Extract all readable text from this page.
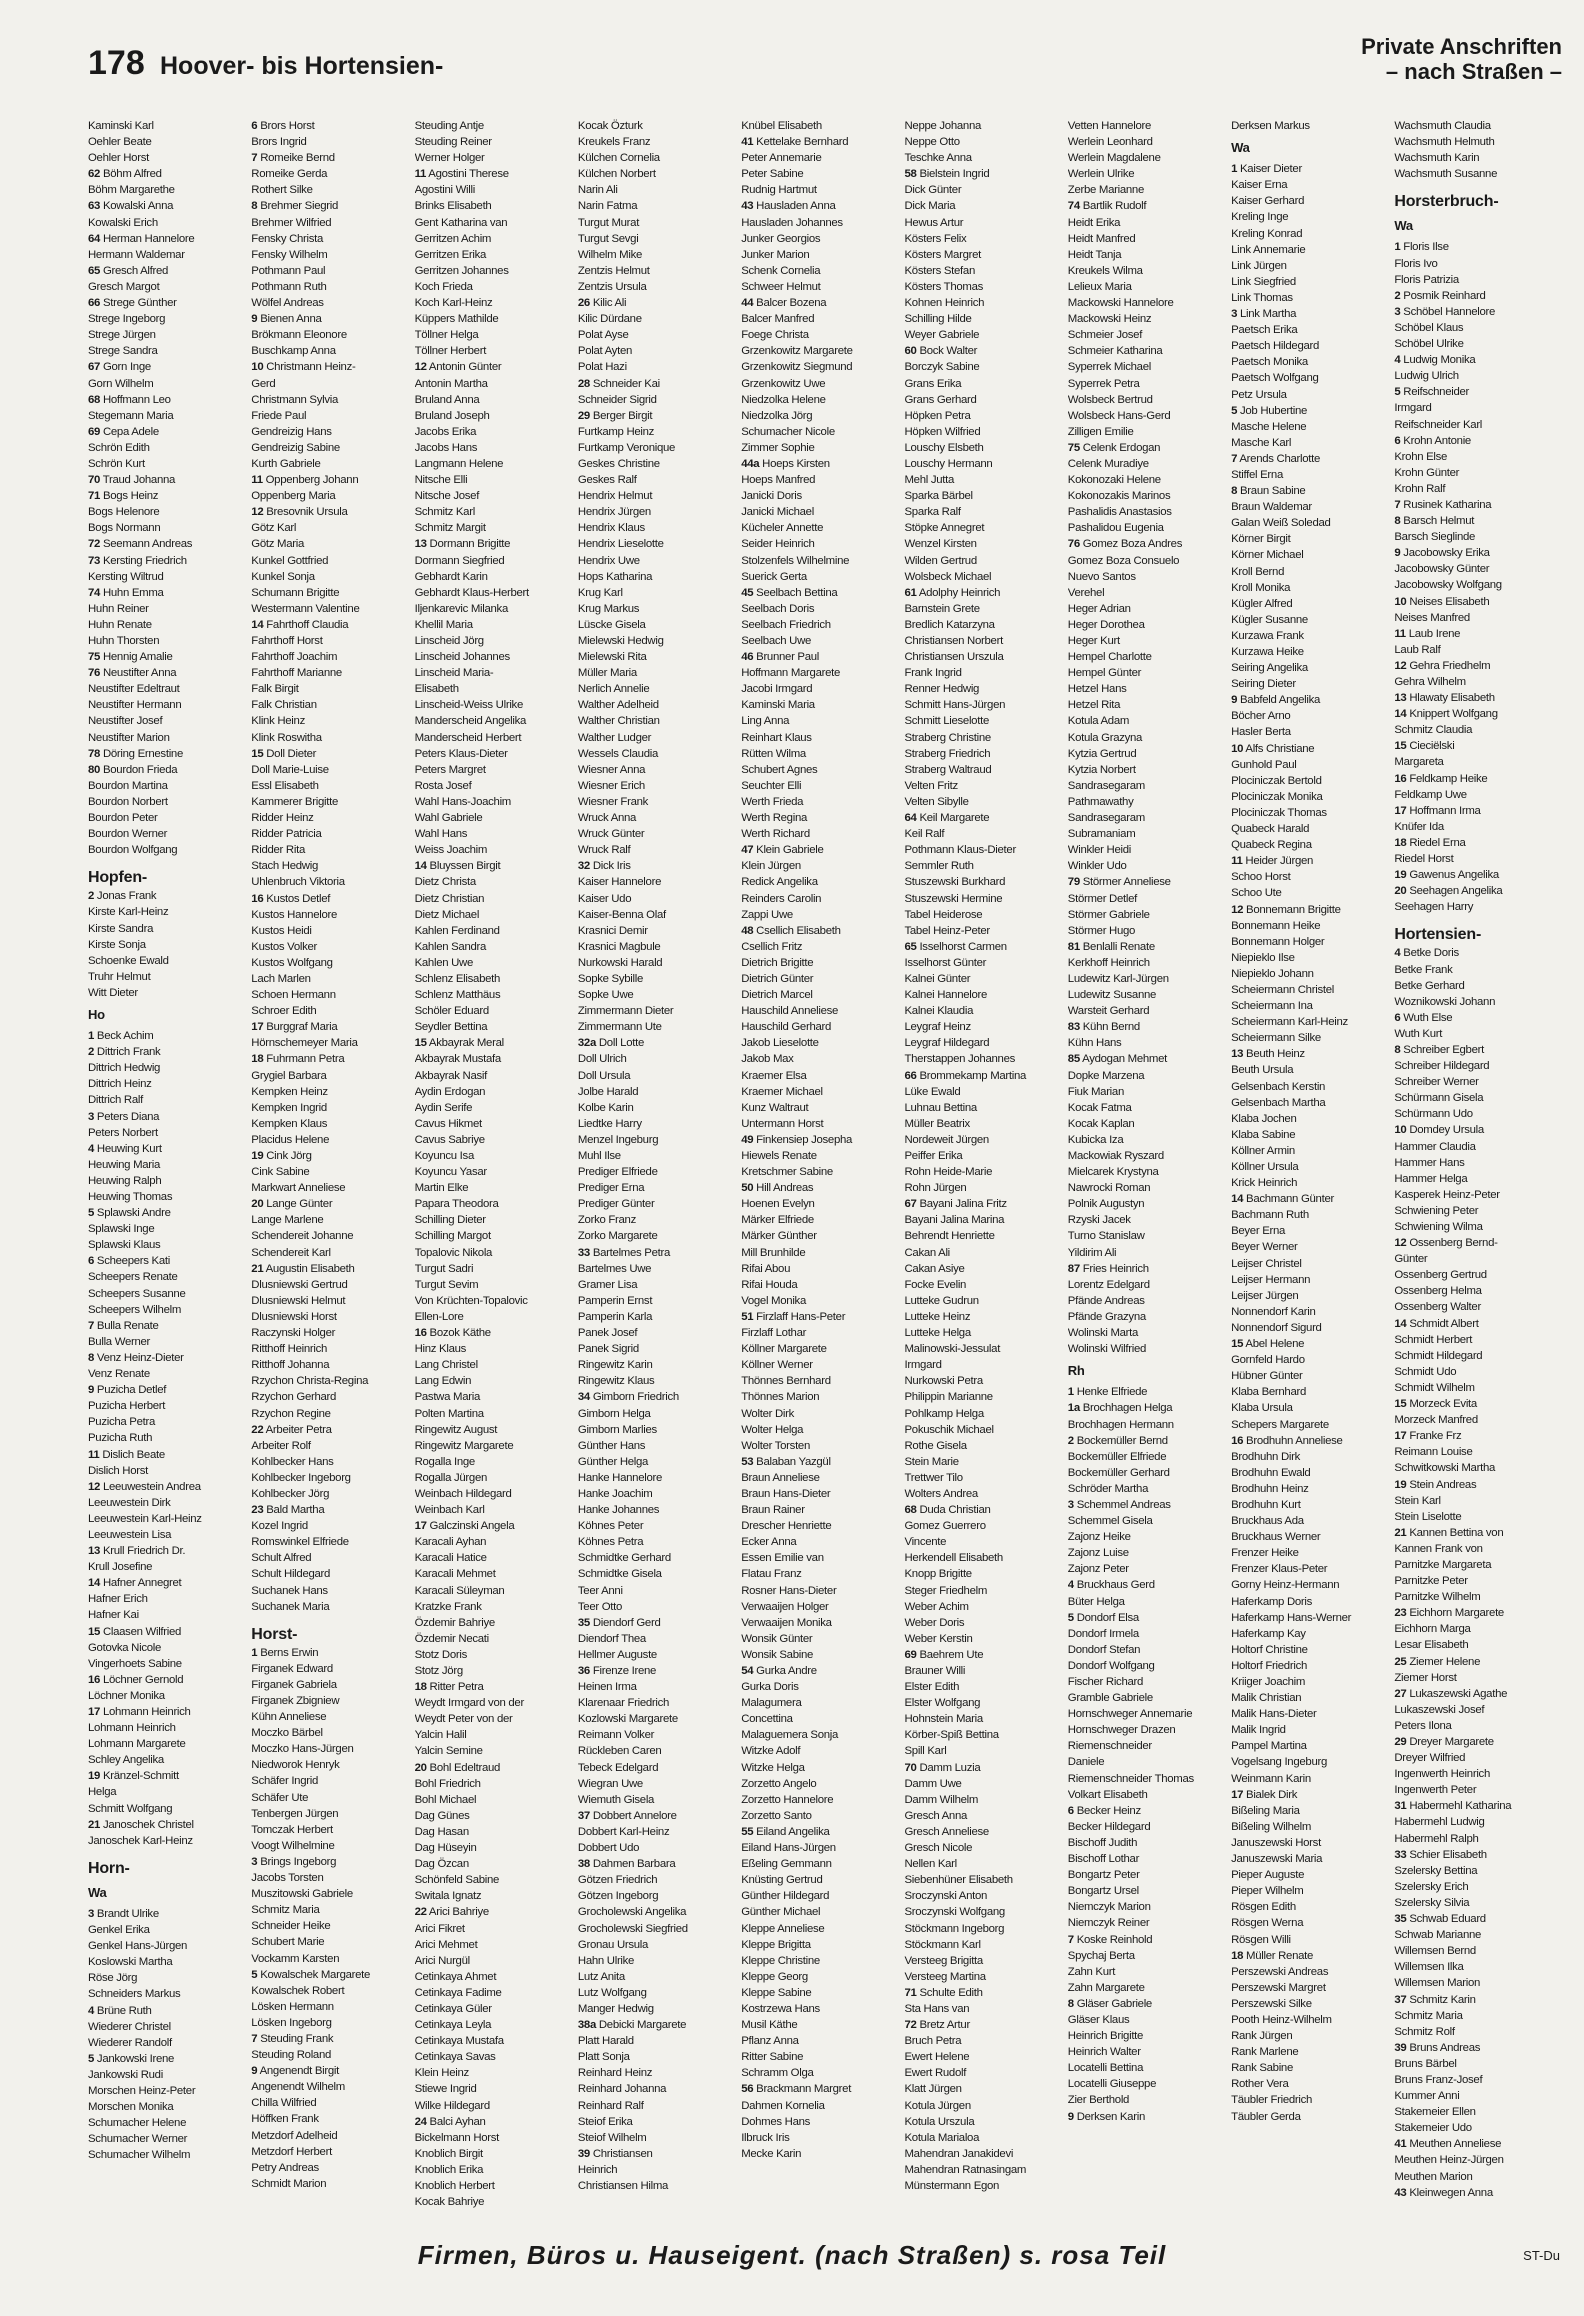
178 Hoover- bis Hortensien-
Private Anschriften
– nach Straßen –
Kaminski Karl
Oehler Beate
Oehler Horst
62 Böhm Alfred
Böhm Margarethe
63 Kowalski Anna
Kowalski Erich
64 Herman Hannelore
Hermann Waldemar
65 Gresch Alfred
Gresch Margot
66 Strege Günther
Strege Ingeborg
Strege Jürgen
Strege Sandra
67 Gorn Inge
Gorn Wilhelm
68 Hoffmann Leo
Stegemann Maria
69 Cepa Adele
Schrön Edith
Schrön Kurt
70 Traud Johanna
71 Bogs Heinz
Bogs Helenore
Bogs Normann
72 Seemann Andreas
73 Kersting Friedrich
Kersting Wiltrud
74 Huhn Emma
Huhn Reiner
Huhn Renate
Huhn Thorsten
75 Hennig Amalie
76 Neustifter Anna
Neustifter Edeltraut
Neustifter Hermann
Neustifter Josef
Neustifter Marion
78 Döring Ernestine
80 Bourdon Frieda
Bourdon Martina
Bourdon Norbert
Bourdon Peter
Bourdon Werner
Bourdon Wolfgang
Hopfen-
2 Jonas Frank
Kirste Karl-Heinz
Kirste Sandra
Kirste Sonja
Schoenke Ewald
Truhr Helmut
Witt Dieter
Ho
1 Beck Achim
2 Dittrich Frank
Dittrich Hedwig
Dittrich Heinz
Dittrich Ralf
3 Peters Diana
Peters Norbert
4 Heuwing Kurt
Heuwing Maria
Heuwing Ralph
Heuwing Thomas
5 Splawski Andre
Splawski Inge
Splawski Klaus
6 Scheepers Kati
Scheepers Renate
Scheepers Susanne
Scheepers Wilhelm
7 Bulla Renate
Bulla Werner
8 Venz Heinz-Dieter
Venz Renate
9 Puzicha Detlef
Puzicha Herbert
Puzicha Petra
Puzicha Ruth
11 Dislich Beate
Dislich Horst
12 Leeuwestein Andrea
Leeuwestein Dirk
Leeuwestein Karl-Heinz
Leeuwestein Lisa
13 Krull Friedrich Dr.
Krull Josefine
14 Hafner Annegret
Hafner Erich
Hafner Kai
15 Claasen Wilfried
Gotovka Nicole
Vingerhoets Sabine
16 Löchner Gernold
Löchner Monika
17 Lohmann Heinrich
Lohmann Heinrich
Lohmann Margarete
Schley Angelika
19 Kränzel-Schmitt
Helga
Schmitt Wolfgang
21 Janoschek Christel
Janoschek Karl-Heinz
Horn-
Wa
3 Brandt Ulrike
Genkel Erika
Genkel Hans-Jürgen
Koslowski Martha
Röse Jörg
Schneiders Markus
4 Brüne Ruth
Wiederer Christel
Wiederer Randolf
5 Jankowski Irene
Jankowski Rudi
Morschen Heinz-Peter
Morschen Monika
Schumacher Helene
Schumacher Werner
Schumacher Wilhelm
6 Brors Horst
Brors Ingrid
7 Romeike Bernd
Romeike Gerda
Rothert Silke
8 Brehmer Siegrid
Brehmer Wilfried
Fensky Christa
Fensky Wilhelm
Pothmann Paul
Pothmann Ruth
Wölfel Andreas
9 Bienen Anna
Brökmann Eleonore
Buschkamp Anna
10 Christmann Heinz-
Gerd
Christmann Sylvia
Friede Paul
Gendreizig Hans
Gendreizig Sabine
Kurth Gabriele
11 Oppenberg Johann
Oppenberg Maria
12 Bresovnik Ursula
Götz Karl
Götz Maria
Kunkel Gottfried
Kunkel Sonja
Schumann Brigitte
Westermann Valentine
14 Fahrthoff Claudia
Fahrthoff Horst
Fahrthoff Joachim
Fahrthoff Marianne
Falk Birgit
Falk Christian
Klink Heinz
Klink Roswitha
15 Doll Dieter
Doll Marie-Luise
Essl Elisabeth
Kammerer Brigitte
Ridder Heinz
Ridder Patricia
Ridder Rita
Stach Hedwig
Uhlenbruch Viktoria
16 Kustos Detlef
Kustos Hannelore
Kustos Heidi
Kustos Volker
Kustos Wolfgang
Lach Marlen
Schoen Hermann
Schroer Edith
17 Burggraf Maria
Hörnschemeyer Maria
18 Fuhrmann Petra
Grygiel Barbara
Kempken Heinz
Kempken Ingrid
Kempken Klaus
Placidus Helene
19 Cink Jörg
Cink Sabine
Markwart Anneliese
20 Lange Günter
Lange Marlene
Schendereit Johanne
Schendereit Karl
21 Augustin Elisabeth
Dlusniewski Gertrud
Dlusniewski Helmut
Dlusniewski Horst
Raczynski Holger
Ritthoff Heinrich
Ritthoff Johanna
Rzychon Christa-Regina
Rzychon Gerhard
Rzychon Regine
22 Arbeiter Petra
Arbeiter Rolf
Kohlbecker Hans
Kohlbecker Ingeborg
Kohlbecker Jörg
23 Bald Martha
Kozel Ingrid
Romswinkel Elfriede
Schult Alfred
Schult Hildegard
Suchanek Hans
Suchanek Maria
Horst-
1 Berns Erwin
Firganek Edward
Firganek Gabriela
Firganek Zbigniew
Kühn Anneliese
Moczko Bärbel
Moczko Hans-Jürgen
Niedworok Henryk
Schäfer Ingrid
Schäfer Ute
Tenbergen Jürgen
Tomczak Herbert
Voogt Wilhelmine
3 Brings Ingeborg
Jacobs Torsten
Muszitowski Gabriele
Schmitz Maria
Schneider Heike
Schubert Marie
Vockamm Karsten
5 Kowalschek Margarete
Kowalschek Robert
Lösken Hermann
Lösken Ingeborg
7 Steuding Frank
Steuding Roland
9 Angenendt Birgit
Angenendt Wilhelm
Chilla Wilfried
Höffken Frank
Metzdorf Adelheid
Metzdorf Herbert
Petry Andreas
Schmidt Marion
Steuding Antje
Steuding Reiner
Werner Holger
11 Agostini Therese
Agostini Willi
Brinks Elisabeth
Gent Katharina van
Gerritzen Achim
Gerritzen Erika
Gerritzen Johannes
Koch Frieda
Koch Karl-Heinz
Küppers Mathilde
Töllner Helga
Töllner Herbert
12 Antonin Günter
Antonin Martha
Bruland Anna
Bruland Joseph
Jacobs Erika
Jacobs Hans
Langmann Helene
Nitsche Elli
Nitsche Josef
Schmitz Karl
Schmitz Margit
13 Dormann Brigitte
Dormann Siegfried
Gebhardt Karin
Gebhardt Klaus-Herbert
Iljenkarevic Milanka
Khellil Maria
Linscheid Jörg
Linscheid Johannes
Linscheid Maria-
Elisabeth
Linscheid-Weiss Ulrike
Manderscheid Angelika
Manderscheid Herbert
Peters Klaus-Dieter
Peters Margret
Rosta Josef
Wahl Hans-Joachim
Wahl Gabriele
Wahl Hans
Weiss Joachim
14 Bluyssen Birgit
Dietz Christa
Dietz Christian
Dietz Michael
Kahlen Ferdinand
Kahlen Sandra
Kahlen Uwe
Schlenz Elisabeth
Schlenz Matthäus
Schöler Eduard
Seydler Bettina
15 Akbayrak Meral
Akbayrak Mustafa
Akbayrak Nasif
Aydin Erdogan
Aydin Serife
Cavus Hikmet
Cavus Sabriye
Koyuncu Isa
Koyuncu Yasar
Martin Elke
Papara Theodora
Schilling Dieter
Schilling Margot
Topalovic Nikola
Turgut Sadri
Turgut Sevim
Von Krüchten-Topalovic
Ellen-Lore
16 Bozok Käthe
Hinz Klaus
Lang Christel
Lang Edwin
Pastwa Maria
Polten Martina
Ringewitz August
Ringewitz Margarete
Rogalla Inge
Rogalla Jürgen
Weinbach Hildegard
Weinbach Karl
17 Galczinski Angela
Karacali Ayhan
Karacali Hatice
Karacali Mehmet
Karacali Süleyman
Kratzke Frank
Özdemir Bahriye
Özdemir Necati
Stotz Doris
Stotz Jörg
18 Ritter Petra
Weydt Irmgard von der
Weydt Peter von der
Yalcin Halil
Yalcin Semine
20 Bohl Edeltraud
Bohl Friedrich
Bohl Michael
Dag Günes
Dag Hasan
Dag Hüseyin
Dag Özcan
Schönfeld Sabine
Switala Ignatz
22 Arici Bahriye
Arici Fikret
Arici Mehmet
Arici Nurgül
Cetinkaya Ahmet
Cetinkaya Fadime
Cetinkaya Güler
Cetinkaya Leyla
Cetinkaya Mustafa
Cetinkaya Savas
Klein Heinz
Stiewe Ingrid
Wilke Hildegard
24 Balci Ayhan
Bickelmann Horst
Knoblich Birgit
Knoblich Erika
Knoblich Herbert
Kocak Bahriye
Kocak Özturk
Kreukels Franz
Külchen Cornelia
Külchen Norbert
Narin Ali
Narin Fatma
Turgut Murat
Turgut Sevgi
Wilhelm Mike
Zentzis Helmut
Zentzis Ursula
26 Kilic Ali
Kilic Dürdane
Polat Ayse
Polat Ayten
Polat Hazi
28 Schneider Kai
Schneider Sigrid
29 Berger Birgit
Furtkamp Heinz
Furtkamp Veronique
Geskes Christine
Geskes Ralf
Hendrix Helmut
Hendrix Jürgen
Hendrix Klaus
Hendrix Lieselotte
Hendrix Uwe
Hops Katharina
Krug Karl
Krug Markus
Lüscke Gisela
Mielewski Hedwig
Mielewski Rita
Müller Maria
Nerlich Annelie
Walther Adelheid
Walther Christian
Walther Ludger
Wessels Claudia
Wiesner Anna
Wiesner Erich
Wiesner Frank
Wruck Anna
Wruck Günter
Wruck Ralf
32 Dick Iris
Kaiser Hannelore
Kaiser Udo
Kaiser-Benna Olaf
Krasnici Demir
Krasnici Magbule
Nurkowski Harald
Sopke Sybille
Sopke Uwe
Zimmermann Dieter
Zimmermann Ute
32a Doll Lotte
Doll Ulrich
Doll Ursula
Jolbe Harald
Kolbe Karin
Liedtke Harry
Menzel Ingeburg
Muhl Ilse
Prediger Elfriede
Prediger Erna
Prediger Günter
Zorko Franz
Zorko Margarete
33 Bartelmes Petra
Bartelmes Uwe
Gramer Lisa
Pamperin Ernst
Pamperin Karla
Panek Josef
Panek Sigrid
Ringewitz Karin
Ringewitz Klaus
34 Gimborn Friedrich
Gimborn Helga
Gimborn Marlies
Günther Hans
Günther Helga
Hanke Hannelore
Hanke Joachim
Hanke Johannes
Köhnes Peter
Köhnes Petra
Schmidtke Gerhard
Schmidtke Gisela
Teer Anni
Teer Otto
35 Diendorf Gerd
Diendorf Thea
Hellmer Auguste
36 Firenze Irene
Heinen Irma
Klarenaar Friedrich
Kozlowski Margarete
Reimann Volker
Rückleben Caren
Tebeck Edelgard
Wiegran Uwe
Wiemuth Gisela
37 Dobbert Annelore
Dobbert Karl-Heinz
Dobbert Udo
38 Dahmen Barbara
Götzen Friedrich
Götzen Ingeborg
Grocholewski Angelika
Grocholewski Siegfried
Gronau Ursula
Hahn Ulrike
Lutz Anita
Lutz Wolfgang
Manger Hedwig
38a Debicki Margarete
Platt Harald
Platt Sonja
Reinhard Heinz
Reinhard Johanna
Reinhard Ralf
Steiof Erika
Steiof Wilhelm
39 Christiansen
Heinrich
Christiansen Hilma
Knübel Elisabeth
41 Kettelake Bernhard
Peter Annemarie
Peter Sabine
Rudnig Hartmut
43 Hausladen Anna
Hausladen Johannes
Junker Georgios
Junker Marion
Schenk Cornelia
Schweer Helmut
44 Balcer Bozena
Balcer Manfred
Foege Christa
Grzenkowitz Margarete
Grzenkowitz Siegmund
Grzenkowitz Uwe
Niedzolka Helene
Niedzolka Jörg
Schumacher Nicole
Zimmer Sophie
44a Hoeps Kirsten
Hoeps Manfred
Janicki Doris
Janicki Michael
Kücheler Annette
Seider Heinrich
Stolzenfels Wilhelmine
Suerick Gerta
45 Seelbach Bettina
Seelbach Doris
Seelbach Friedrich
Seelbach Uwe
46 Brunner Paul
Hoffmann Margarete
Jacobi Irmgard
Kaminski Maria
Ling Anna
Reinhart Klaus
Rütten Wilma
Schubert Agnes
Seuchter Elli
Werth Frieda
Werth Regina
Werth Richard
47 Klein Gabriele
Klein Jürgen
Redick Angelika
Reinders Carolin
Zappi Uwe
48 Csellich Elisabeth
Csellich Fritz
Dietrich Brigitte
Dietrich Günter
Dietrich Marcel
Hauschild Anneliese
Hauschild Gerhard
Jakob Lieselotte
Jakob Max
Kraemer Elsa
Kraemer Michael
Kunz Waltraut
Untermann Horst
49 Finkensiep Josepha
Hiewels Renate
Kretschmer Sabine
50 Hill Andreas
Hoenen Evelyn
Märker Elfriede
Märker Günther
Mill Brunhilde
Rifai Abou
Rifai Houda
Vogel Monika
51 Firzlaff Hans-Peter
Firzlaff Lothar
Köllner Margarete
Köllner Werner
Thönnes Bernhard
Thönnes Marion
Wolter Dirk
Wolter Helga
Wolter Torsten
53 Balaban Yazgül
Braun Anneliese
Braun Hans-Dieter
Braun Rainer
Drescher Henriette
Ecker Anna
Essen Emilie van
Flatau Franz
Rosner Hans-Dieter
Verwaaijen Holger
Verwaaijen Monika
Wonsik Günter
Wonsik Sabine
54 Gurka Andre
Gurka Doris
Malagumera
Concettina
Malaguemera Sonja
Witzke Adolf
Witzke Helga
Zorzetto Angelo
Zorzetto Hannelore
Zorzetto Santo
55 Eiland Angelika
Eiland Hans-Jürgen
Eßeling Gemmann
Knüsting Gertrud
Günther Hildegard
Günther Michael
Kleppe Anneliese
Kleppe Brigitta
Kleppe Christine
Kleppe Georg
Kleppe Sabine
Kostrzewa Hans
Musil Käthe
Pflanz Anna
Ritter Sabine
Schramm Olga
56 Brackmann Margret
Dahmen Kornelia
Dohmes Hans
Ilbruck Iris
Mecke Karin
Neppe Johanna
Neppe Otto
Teschke Anna
58 Bielstein Ingrid
Dick Günter
Dick Maria
Hewus Artur
Kösters Felix
Kösters Margret
Kösters Stefan
Kösters Thomas
Kohnen Heinrich
Schilling Hilde
Weyer Gabriele
60 Bock Walter
Borczyk Sabine
Grans Erika
Grans Gerhard
Höpken Petra
Höpken Wilfried
Louschy Elsbeth
Louschy Hermann
Mehl Jutta
Sparka Bärbel
Sparka Ralf
Stöpke Annegret
Wenzel Kirsten
Wilden Gertrud
Wolsbeck Michael
61 Adolphy Heinrich
Barnstein Grete
Bredlich Katarzyna
Christiansen Norbert
Christiansen Urszula
Frank Ingrid
Renner Hedwig
Schmitt Hans-Jürgen
Schmitt Lieselotte
Straberg Christine
Straberg Friedrich
Straberg Waltraud
Velten Fritz
Velten Sibylle
64 Keil Margarete
Keil Ralf
Pothmann Klaus-Dieter
Semmler Ruth
Stuszewski Burkhard
Stuszewski Hermine
Tabel Heiderose
Tabel Heinz-Peter
65 Isselhorst Carmen
Isselhorst Günter
Kalnei Günter
Kalnei Hannelore
Kalnei Klaudia
Leygraf Heinz
Leygraf Hildegard
Therstappen Johannes
66 Brommekamp Martina
Lüke Ewald
Luhnau Bettina
Müller Beatrix
Nordeweit Jürgen
Peiffer Erika
Rohn Heide-Marie
Rohn Jürgen
67 Bayani Jalina Fritz
Bayani Jalina Marina
Behrendt Henriette
Cakan Ali
Cakan Asiye
Focke Evelin
Lutteke Gudrun
Lutteke Heinz
Lutteke Helga
Malinowski-Jessulat
Irmgard
Nurkowski Petra
Philippin Marianne
Pohlkamp Helga
Pokuschik Michael
Rothe Gisela
Stein Marie
Trettwer Tilo
Wolters Andrea
68 Duda Christian
Gomez Guerrero
Vincente
Herkendell Elisabeth
Knopp Brigitte
Steger Friedhelm
Weber Achim
Weber Doris
Weber Kerstin
69 Baehrem Ute
Brauner Willi
Elster Edith
Elster Wolfgang
Hohnstein Maria
Körber-Spiß Bettina
Spill Karl
70 Damm Luzia
Damm Uwe
Damm Wilhelm
Gresch Anna
Gresch Anneliese
Gresch Nicole
Nellen Karl
Siebenhüner Elisabeth
Sroczynski Anton
Sroczynski Wolfgang
Stöckmann Ingeborg
Stöckmann Karl
Versteeg Brigitta
Versteeg Martina
71 Schulte Edith
Sta Hans van
72 Bretz Artur
Bruch Petra
Ewert Helene
Ewert Rudolf
Klatt Jürgen
Kotula Jürgen
Kotula Urszula
Kotula Marialoa
Mahendran Janakidevi
Mahendran Ratnasingam
Münstermann Egon
Vetten Hannelore
Werlein Leonhard
Werlein Magdalene
Werlein Ulrike
Zerbe Marianne
74 Bartlik Rudolf
Heidt Erika
Heidt Manfred
Heidt Tanja
Kreukels Wilma
Lelieux Maria
Mackowski Hannelore
Mackowski Heinz
Schmeier Josef
Schmeier Katharina
Syperrek Michael
Syperrek Petra
Wolsbeck Bertrud
Wolsbeck Hans-Gerd
Zilligen Emilie
75 Celenk Erdogan
Celenk Muradiye
Kokonozaki Helene
Kokonozakis Marinos
Pashalidis Anastasios
Pashalidou Eugenia
76 Gomez Boza Andres
Gomez Boza Consuelo
Nuevo Santos
Verehel
Heger Adrian
Heger Dorothea
Heger Kurt
Hempel Charlotte
Hempel Günter
Hetzel Hans
Hetzel Rita
Kotula Adam
Kotula Grazyna
Kytzia Gertrud
Kytzia Norbert
Sandrasegaram
Pathmawathy
Sandrasegaram
Subramaniam
Winkler Heidi
Winkler Udo
79 Störmer Anneliese
Störmer Detlef
Störmer Gabriele
Störmer Hugo
81 Benlalli Renate
Kerkhoff Heinrich
Ludewitz Karl-Jürgen
Ludewitz Susanne
Warsteit Gerhard
83 Kühn Bernd
Kühn Hans
85 Aydogan Mehmet
Dopke Marzena
Fiuk Marian
Kocak Fatma
Kocak Kaplan
Kubicka Iza
Mackowiak Ryszard
Mielcarek Krystyna
Nawrocki Roman
Polnik Augustyn
Rzyski Jacek
Turno Stanislaw
Yildirim Ali
87 Fries Heinrich
Lorentz Edelgard
Pfände Andreas
Pfände Grazyna
Wolinski Marta
Wolinski Wilfried
Rh
1 Henke Elfriede
1a Brochhagen Helga
Brochhagen Hermann
2 Bockemüller Bernd
Bockemüller Elfriede
Bockemüller Gerhard
Schröder Martha
3 Schemmel Andreas
Schemmel Gisela
Zajonz Heike
Zajonz Luise
Zajonz Peter
4 Bruckhaus Gerd
Büter Helga
5 Dondorf Elsa
Dondorf Irmela
Dondorf Stefan
Dondorf Wolfgang
Fischer Richard
Gramble Gabriele
Hornschweger Annemarie
Hornschweger Drazen
Riemenschneider
Daniele
Riemenschneider Thomas
Volkart Elisabeth
6 Becker Heinz
Becker Hildegard
Bischoff Judith
Bischoff Lothar
Bongartz Peter
Bongartz Ursel
Niemczyk Marion
Niemczyk Reiner
7 Koske Reinhold
Spychaj Berta
Zahn Kurt
Zahn Margarete
8 Gläser Gabriele
Gläser Klaus
Heinrich Brigitte
Heinrich Walter
Locatelli Bettina
Locatelli Giuseppe
Zier Berthold
9 Derksen Karin
Derksen Markus
Wa
1 Kaiser Dieter
Kaiser Erna
Kaiser Gerhard
Kreling Inge
Kreling Konrad
Link Annemarie
Link Jürgen
Link Siegfried
Link Thomas
3 Link Martha
Paetsch Erika
Paetsch Hildegard
Paetsch Monika
Paetsch Wolfgang
Petz Ursula
5 Job Hubertine
Masche Helene
Masche Karl
7 Arends Charlotte
Stiffel Erna
8 Braun Sabine
Braun Waldemar
Galan Weiß Soledad
Körner Birgit
Körner Michael
Kroll Bernd
Kroll Monika
Kügler Alfred
Kügler Susanne
Kurzawa Frank
Kurzawa Heike
Seiring Angelika
Seiring Dieter
9 Babfeld Angelika
Böcher Arno
Hasler Berta
10 Alfs Christiane
Gunhold Paul
Plociniczak Bertold
Plociniczak Monika
Plociniczak Thomas
Quabeck Harald
Quabeck Regina
11 Heider Jürgen
Schoo Horst
Schoo Ute
12 Bonnemann Brigitte
Bonnemann Heike
Bonnemann Holger
Niepieklo Ilse
Niepieklo Johann
Scheiermann Christel
Scheiermann Ina
Scheiermann Karl-Heinz
Scheiermann Silke
13 Beuth Heinz
Beuth Ursula
Gelsenbach Kerstin
Gelsenbach Martha
Klaba Jochen
Klaba Sabine
Köllner Armin
Köllner Ursula
Krick Heinrich
14 Bachmann Günter
Bachmann Ruth
Beyer Erna
Beyer Werner
Leijser Christel
Leijser Hermann
Leijser Jürgen
Nonnendorf Karin
Nonnendorf Sigurd
15 Abel Helene
Gornfeld Hardo
Hübner Günter
Klaba Bernhard
Klaba Ursula
Schepers Margarete
16 Brodhuhn Anneliese
Brodhuhn Dirk
Brodhuhn Ewald
Brodhuhn Heinz
Brodhuhn Kurt
Bruckhaus Ada
Bruckhaus Werner
Frenzer Heike
Frenzer Klaus-Peter
Gorny Heinz-Hermann
Haferkamp Doris
Haferkamp Hans-Werner
Haferkamp Kay
Holtorf Christine
Holtorf Friedrich
Kriiger Joachim
Malik Christian
Malik Hans-Dieter
Malik Ingrid
Pampel Martina
Vogelsang Ingeburg
Weinmann Karin
17 Bialek Dirk
Bißeling Maria
Bißeling Wilhelm
Januszewski Horst
Januszewski Maria
Pieper Auguste
Pieper Wilhelm
Rösgen Edith
Rösgen Werna
Rösgen Willi
18 Müller Renate
Perszewski Andreas
Perszewski Margret
Perszewski Silke
Pooth Heinz-Wilhelm
Rank Jürgen
Rank Marlene
Rank Sabine
Rother Vera
Täubler Friedrich
Täubler Gerda
Wachsmuth Claudia
Wachsmuth Helmuth
Wachsmuth Karin
Wachsmuth Susanne
Horsterbruch-
Wa
1 Floris Ilse
Floris Ivo
Floris Patrizia
2 Posmik Reinhard
3 Schöbel Hannelore
Schöbel Klaus
Schöbel Ulrike
4 Ludwig Monika
Ludwig Ulrich
5 Reifschneider
Irmgard
Reifschneider Karl
6 Krohn Antonie
Krohn Else
Krohn Günter
Krohn Ralf
7 Rusinek Katharina
8 Barsch Helmut
Barsch Sieglinde
9 Jacobowsky Erika
Jacobowsky Günter
Jacobowsky Wolfgang
10 Neises Elisabeth
Neises Manfred
11 Laub Irene
Laub Ralf
12 Gehra Friedhelm
Gehra Wilhelm
13 Hlawaty Elisabeth
14 Knippert Wolfgang
Schmitz Claudia
15 Cieciëlski
Margareta
16 Feldkamp Heike
Feldkamp Uwe
17 Hoffmann Irma
Knüfer Ida
18 Riedel Erna
Riedel Horst
19 Gawenus Angelika
20 Seehagen Angelika
Seehagen Harry
Hortensien-
4 Betke Doris
Betke Frank
Betke Gerhard
Woznikowski Johann
6 Wuth Else
Wuth Kurt
8 Schreiber Egbert
Schreiber Hildegard
Schreiber Werner
Schürmann Gisela
Schürmann Udo
10 Domdey Ursula
Hammer Claudia
Hammer Hans
Hammer Helga
Kasperek Heinz-Peter
Schwiening Peter
Schwiening Wilma
12 Ossenberg Bernd-
Günter
Ossenberg Gertrud
Ossenberg Helma
Ossenberg Walter
14 Schmidt Albert
Schmidt Herbert
Schmidt Hildegard
Schmidt Udo
Schmidt Wilhelm
15 Morzeck Evita
Morzeck Manfred
17 Franke Frz
Reimann Louise
Schwitkowski Martha
19 Stein Andreas
Stein Karl
Stein Liselotte
21 Kannen Bettina von
Kannen Frank von
Parnitzke Margareta
Parnitzke Peter
Parnitzke Wilhelm
23 Eichhorn Margarete
Eichhorn Marga
Lesar Elisabeth
25 Ziemer Helene
Ziemer Horst
27 Lukaszewski Agathe
Lukaszewski Josef
Peters Ilona
29 Dreyer Margarete
Dreyer Wilfried
Ingenwerth Heinrich
Ingenwerth Peter
31 Habermehl Katharina
Habermehl Ludwig
Habermehl Ralph
33 Schier Elisabeth
Szelersky Bettina
Szelersky Erich
Szelersky Silvia
35 Schwab Eduard
Schwab Marianne
Willemsen Bernd
Willemsen Ilka
Willemsen Marion
37 Schmitz Karin
Schmitz Maria
Schmitz Rolf
39 Bruns Andreas
Bruns Bärbel
Bruns Franz-Josef
Kummer Anni
Stakemeier Ellen
Stakemeier Udo
41 Meuthen Anneliese
Meuthen Heinz-Jürgen
Meuthen Marion
43 Kleinwegen Anna
Firmen, Büros u. Hauseigent. (nach Straßen) s. rosa Teil	ST-Du
